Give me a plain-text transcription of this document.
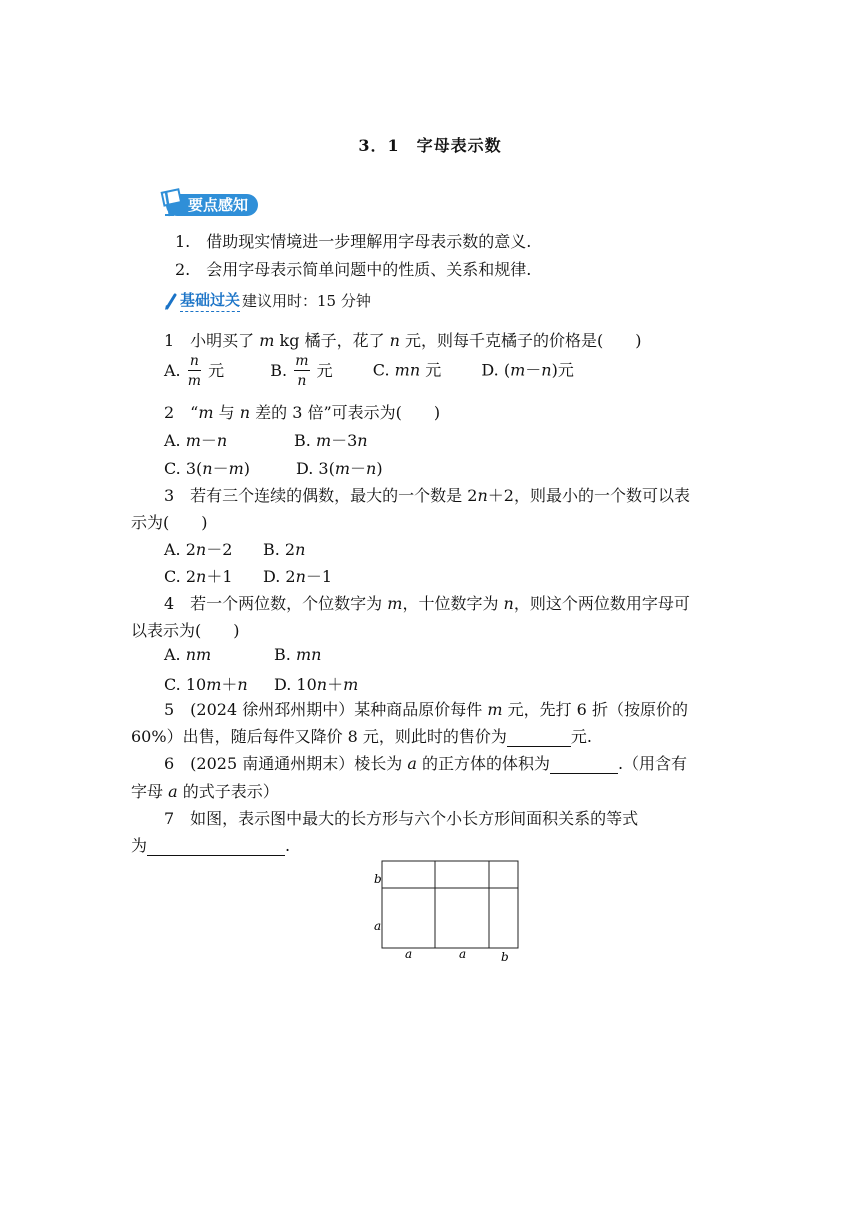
3．1　字母表示数
要点感知
1.　借助现实情境进一步理解用字母表示数的意义.
2.　会用字母表示简单问题中的性质、关系和规律.
基础过关 建议用时：15 分钟
1　小明买了 m kg 橘子，花了 n 元，则每千克橘子的价格是(　　)
A. $\frac{n}{m}$ 元	B. $\frac{m}{n}$ 元	C. mn 元	D. (m－n)元
2　“m 与 n 差的 3 倍”可表示为(　　)
A. m－n	B. m－3n
C. 3(n－m)	D. 3(m－n)
3　若有三个连续的偶数，最大的一个数是 2n＋2，则最小的一个数可以表
示为(　　)
A. 2n－2 B. 2n
C. 2n＋1 D. 2n－1
4　若一个两位数，个位数字为 m，十位数字为 n，则这个两位数用字母可
以表示为(　　)
A. nm	B. mn
C. 10m＋n D. 10n＋m
5　(2024 徐州邳州期中）某种商品原价每件 m 元，先打 6 折（按原价的
60%）出售，随后每件又降价 8 元，则此时的售价为	元.
6　(2025 南通通州期末）棱长为 a 的正方体的体积为	.（用含有
字母 a 的式子表示）
7　如图，表示图中最大的长方形与六个小长方形间面积关系的等式
为	.
b
a
a	a	b
